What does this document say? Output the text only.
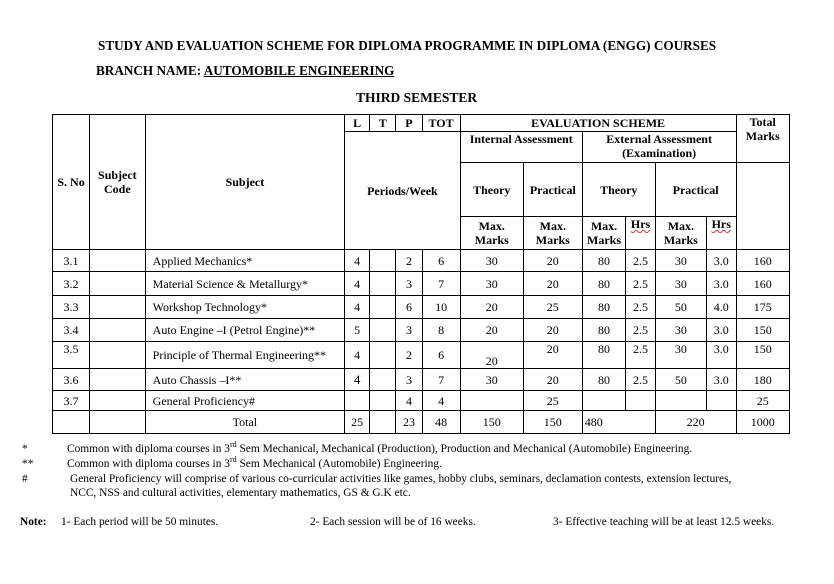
STUDY AND EVALUATION SCHEME FOR DIPLOMA PROGRAMME IN DIPLOMA (ENGG) COURSES
BRANCH NAME: AUTOMOBILE ENGINEERING
THIRD SEMESTER
S. No	Subject Code	Subject	L	T	P	TOT	EVALUATION SCHEME						Total Marks
			Periods/Week				Internal Assessment		External Assessment (Examination)				
							Theory	Practical	Theory		Practical		
							Max. Marks	Max. Marks	Max. Marks	Hrs	Max. Marks	Hrs	
3.1		Applied Mechanics*	4		2	6	30	20	80	2.5	30	3.0	160
3.2		Material Science & Metallurgy*	4		3	7	30	20	80	2.5	30	3.0	160
3.3		Workshop Technology*	4		6	10	20	25	80	2.5	50	4.0	175
3.4		Auto Engine –I (Petrol Engine)**	5		3	8	20	20	80	2.5	30	3.0	150
3.5		Principle of Thermal Engineering**	4		2	6	20	20	80	2.5	30	3.0	150
3.6		Auto Chassis –I**	4		3	7	30	20	80	2.5	50	3.0	180
3.7		General Proficiency#			4	4		25					25
		Total	25		23	48	150	150	480		220		1000
*	Common with diploma courses in 3rd Sem Mechanical, Mechanical (Production), Production and Mechanical (Automobile) Engineering.
**	Common with diploma courses in 3rd Sem Mechanical (Automobile) Engineering.
#	General Proficiency will comprise of various co-curricular activities like games, hobby clubs, seminars, declamation contests, extension lectures,
NCC, NSS and cultural activities, elementary mathematics, GS & G.K etc.
Note: 1- Each period will be 50 minutes.	2- Each session will be of 16 weeks.	3- Effective teaching will be at least 12.5 weeks.
